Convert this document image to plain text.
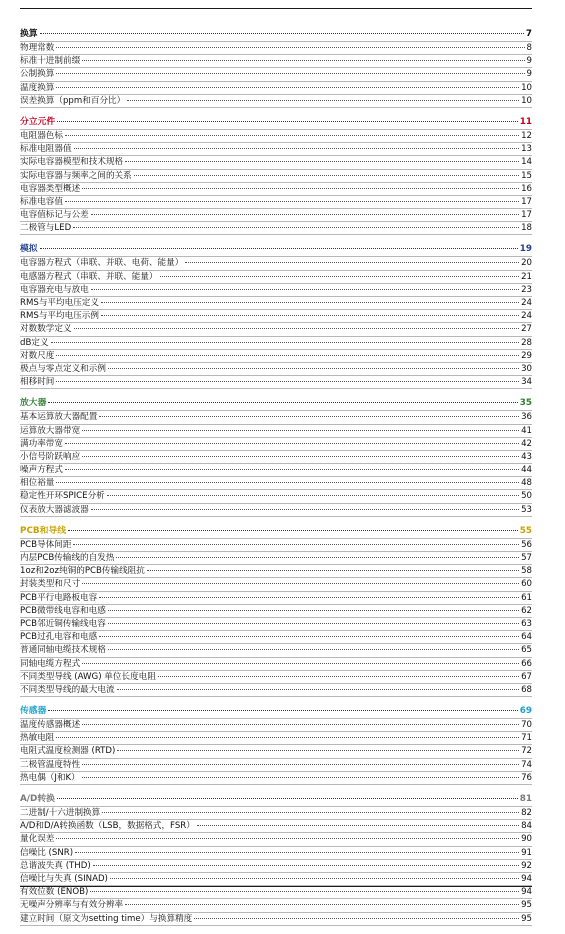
换算	7
物理常数	8
标准十进制前缀	9
公制换算	9
温度换算	10
误差换算（ppm和百分比）	10
分立元件	11
电阻器色标	12
标准电阻器值	13
实际电容器模型和技术规格	14
实际电容器与频率之间的关系	15
电容器类型概述	16
标准电容值	17
电容值标记与公差	17
二极管与LED	18
模拟	19
电容器方程式（串联、并联、电荷、能量）	20
电感器方程式（串联、并联、能量）	21
电容器充电与放电	23
RMS与平均电压定义	24
RMS与平均电压示例	24
对数数学定义	27
dB定义	28
对数尺度	29
极点与零点定义和示例	30
相移时间	34
放大器	35
基本运算放大器配置	36
运算放大器带宽	41
满功率带宽	42
小信号阶跃响应	43
噪声方程式	44
相位裕量	48
稳定性开环SPICE分析	50
仪表放大器滤波器	53
PCB和导线	55
PCB导体间距	56
内层PCB传输线的自发热	57
1oz和2oz纯铜的PCB传输线阻抗	58
封装类型和尺寸	60
PCB平行电路板电容	61
PCB微带线电容和电感	62
PCB邻近铜传输线电容	63
PCB过孔电容和电感	64
普通同轴电缆技术规格	65
同轴电缆方程式	66
不同类型导线 (AWG) 单位长度电阻	67
不同类型导线的最大电流	68
传感器	69
温度传感器概述	70
热敏电阻	71
电阻式温度检测器 (RTD)	72
二极管温度特性	74
热电偶（J和K）	76
A/D转换	81
二进制/十六进制换算	82
A/D和D/A转换函数（LSB，数据格式，FSR）	84
量化误差	90
信噪比 (SNR)	91
总谐波失真 (THD)	92
信噪比与失真 (SINAD)	94
有效位数 (ENOB)	94
无噪声分辨率与有效分辨率	95
建立时间（原文为setting time）与换算精度	95
